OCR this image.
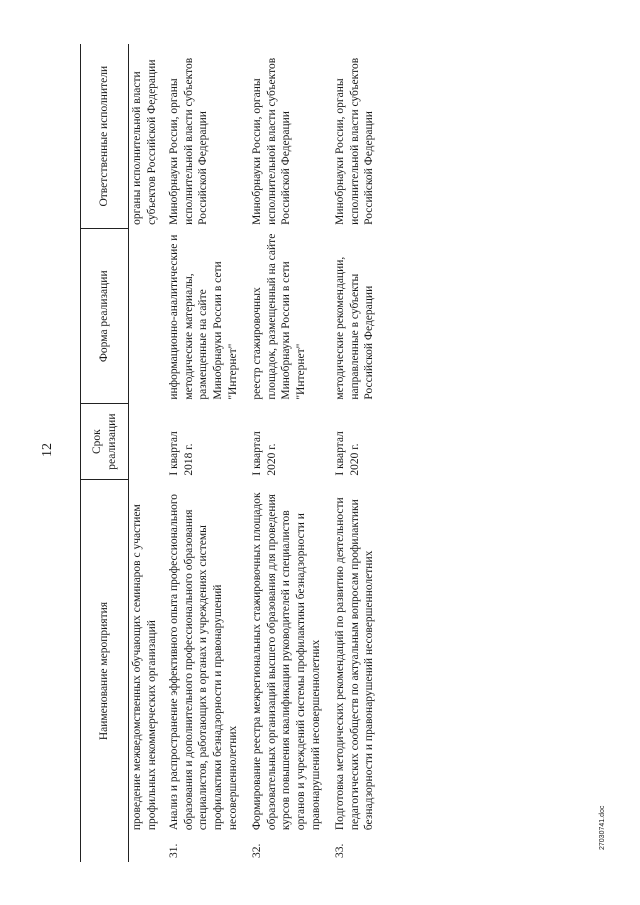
12
Наименование мероприятия		Срок реализации	Форма реализации	Ответственные исполнители
	проведение межведомственных обучающих семинаров с участием профильных некоммерческих организаций			органы исполнительной власти субъектов Российской Федерации
31.	Анализ и распространение эффективного опыта профессионального образования и дополнительного профессионального образования специалистов, работающих в органах и учреждениях системы профилактики безнадзорности и правонарушений несовершеннолетних	I квартал 2018 г.	информационно-аналитические и методические материалы, размещенные на сайте Минобрнауки России в сети "Интернет"	Минобрнауки России, органы исполнительной власти субъектов Российской Федерации
32.	Формирование реестра межрегиональных стажировочных площадок образовательных организаций высшего образования для проведения курсов повышения квалификации руководителей и специалистов органов и учреждений системы профилактики безнадзорности и правонарушений несовершеннолетних	I квартал 2020 г.	реестр стажировочных площадок, размещенный на сайте Минобрнауки России в сети "Интернет"	Минобрнауки России, органы исполнительной власти субъектов Российской Федерации
33.	Подготовка методических рекомендаций по развитию деятельности педагогических сообществ по актуальным вопросам профилактики безнадзорности и правонарушений несовершеннолетних	I квартал 2020 г.	методические рекомендации, направленные в субъекты Российской Федерации	Минобрнауки России, органы исполнительной власти субъектов Российской Федерации
27030741.doc
